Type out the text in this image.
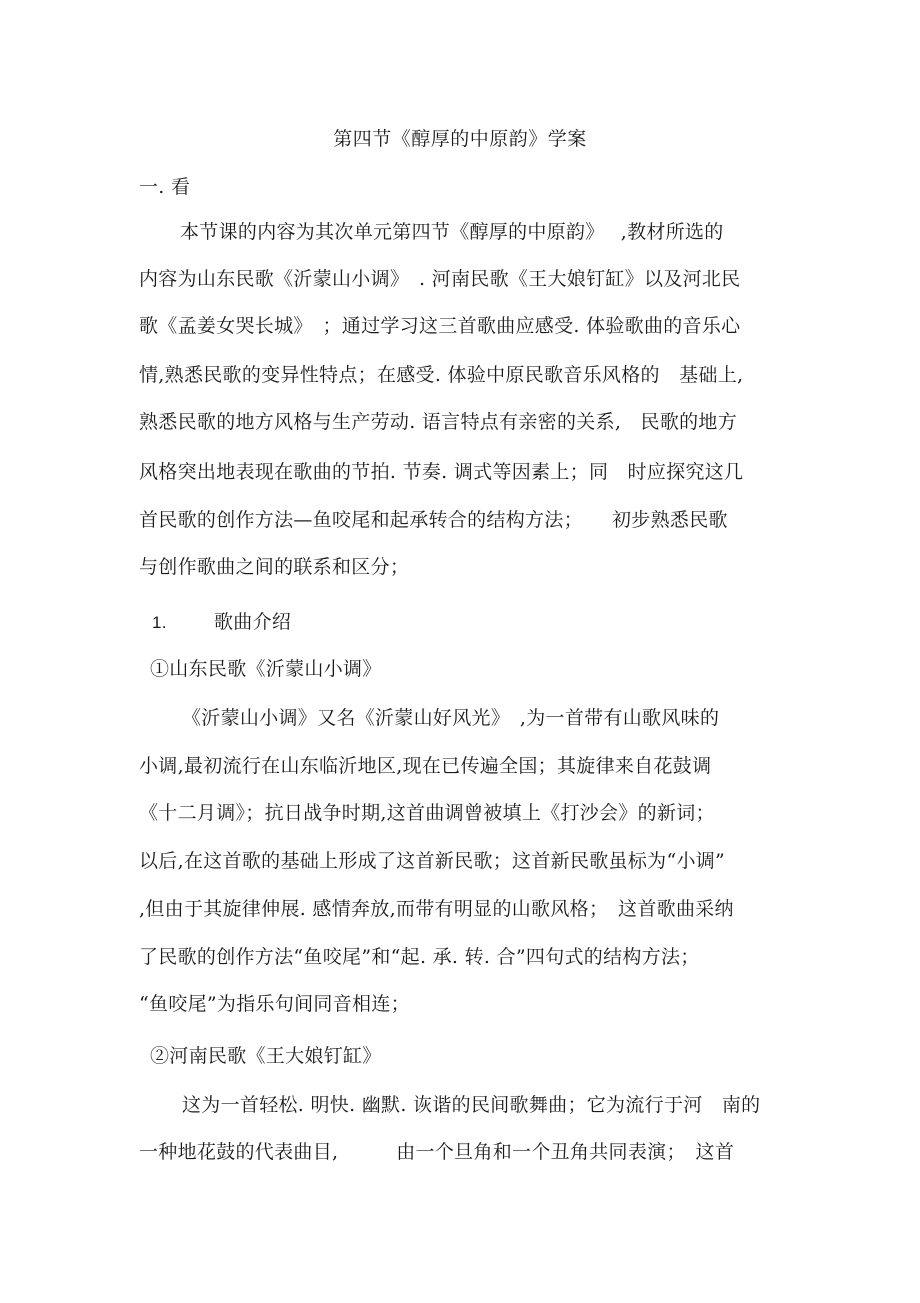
第四节《醇厚的中原韵》学案
一. 看
本节课的内容为其次单元第四节《醇厚的中原韵》　 ,教材所选的
内容为山东民歌《沂蒙山小调》　. 河南民歌《王大娘钉缸》以及河北民
歌《孟姜女哭长城》　；通过学习这三首歌曲应感受. 体验歌曲的音乐心
情,熟悉民歌的变异性特点；在感受. 体验中原民歌音乐风格的　基础上,
熟悉民歌的地方风格与生产劳动. 语言特点有亲密的关系,　民歌的地方
风格突出地表现在歌曲的节拍. 节奏. 调式等因素上；同　时应探究这几
首民歌的创作方法—鱼咬尾和起承转合的结构方法；　　初步熟悉民歌
与创作歌曲之间的联系和区分；
1. 歌曲介绍
①山东民歌《沂蒙山小调》
《沂蒙山小调》又名《沂蒙山好风光》　,为一首带有山歌风味的
小调,最初流行在山东临沂地区,现在已传遍全国；其旋律来自花鼓调
《十二月调》；抗日战争时期,这首曲调曾被填上《打沙会》的新词；
以后,在这首歌的基础上形成了这首新民歌；这首新民歌虽标为“小调”
,但由于其旋律伸展. 感情奔放,而带有明显的山歌风格；　这首歌曲采纳
了民歌的创作方法“鱼咬尾”和“起. 承. 转. 合”四句式的结构方法；
“鱼咬尾”为指乐句间同音相连；
②河南民歌《王大娘钉缸》
这为一首轻松. 明快. 幽默. 诙谐的民间歌舞曲；它为流行于河　南的
一种地花鼓的代表曲目,　　　由一个旦角和一个丑角共同表演；　这首
